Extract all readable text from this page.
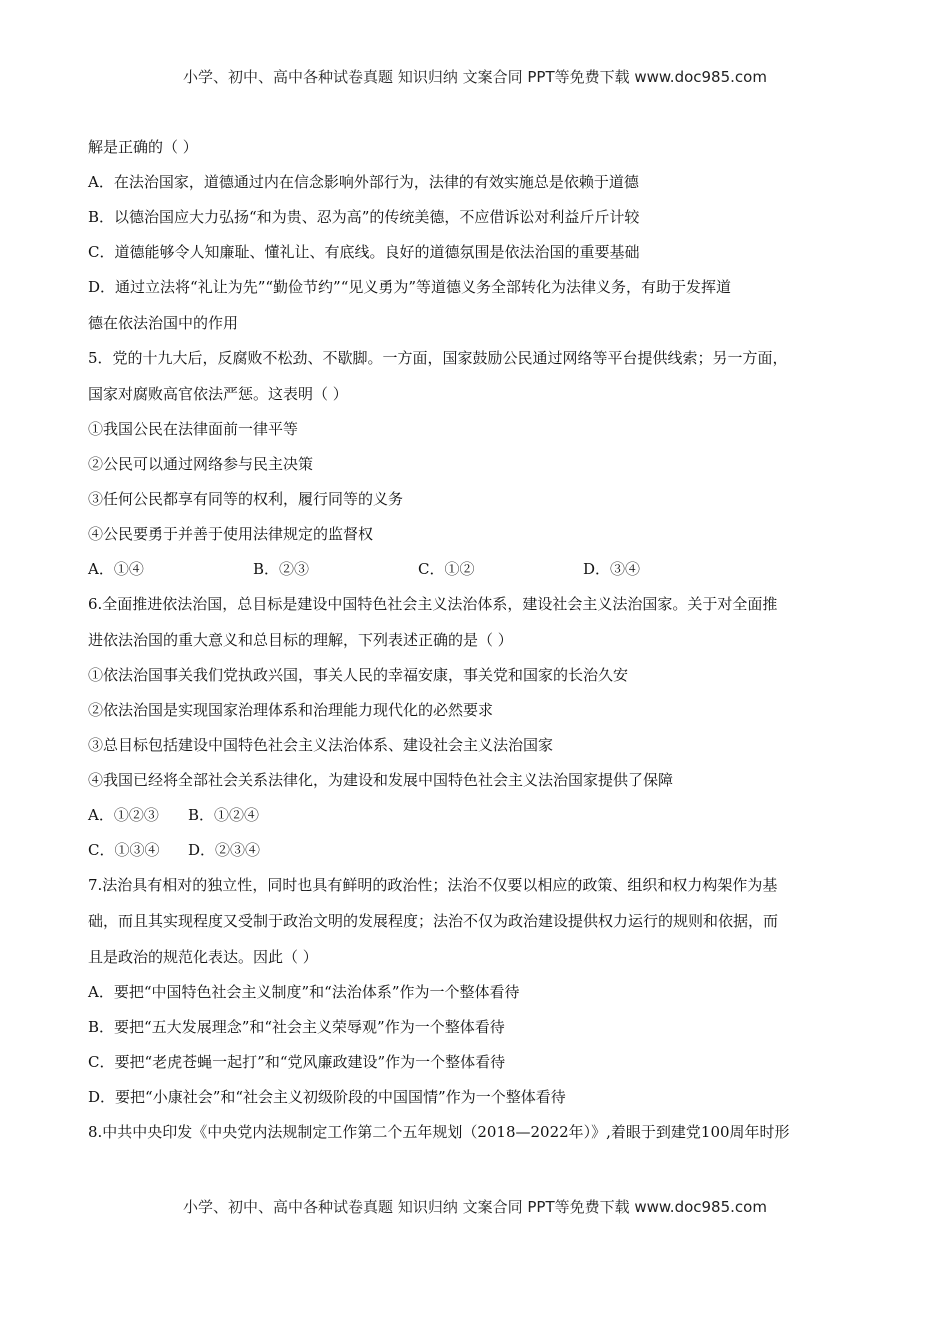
小学、初中、高中各种试卷真题 知识归纳 文案合同 PPT等免费下载 www.doc985.com
解是正确的（ ）
A．在法治国家，道德通过内在信念影响外部行为，法律的有效实施总是依赖于道德
B．以德治国应大力弘扬“和为贵、忍为高”的传统美德，不应借诉讼对利益斤斤计较
C．道德能够令人知廉耻、懂礼让、有底线。良好的道德氛围是依法治国的重要基础
D．通过立法将“礼让为先”“勤俭节约”“见义勇为”等道德义务全部转化为法律义务，有助于发挥道
德在依法治国中的作用
5．党的十九大后，反腐败不松劲、不歇脚。一方面，国家鼓励公民通过网络等平台提供线索；另一方面，
国家对腐败高官依法严惩。这表明（ ）
①我国公民在法律面前一律平等
②公民可以通过网络参与民主决策
③任何公民都享有同等的权利，履行同等的义务
④公民要勇于并善于使用法律规定的监督权
A．①④	B．②③	C．①②	D．③④
6.全面推进依法治国，总目标是建设中国特色社会主义法治体系，建设社会主义法治国家。关于对全面推
进依法治国的重大意义和总目标的理解，下列表述正确的是（ ）
①依法治国事关我们党执政兴国，事关人民的幸福安康，事关党和国家的长治久安
②依法治国是实现国家治理体系和治理能力现代化的必然要求
③总目标包括建设中国特色社会主义法治体系、建设社会主义法治国家
④我国已经将全部社会关系法律化，为建设和发展中国特色社会主义法治国家提供了保障
A．①②③	B．①②④
C．①③④	D．②③④
7.法治具有相对的独立性，同时也具有鲜明的政治性；法治不仅要以相应的政策、组织和权力构架作为基
础，而且其实现程度又受制于政治文明的发展程度；法治不仅为政治建设提供权力运行的规则和依据，而
且是政治的规范化表达。因此（ ）
A．要把“中国特色社会主义制度”和“法治体系”作为一个整体看待
B．要把“五大发展理念”和“社会主义荣辱观”作为一个整体看待
C．要把“老虎苍蝇一起打”和“党风廉政建设”作为一个整体看待
D．要把“小康社会”和“社会主义初级阶段的中国国情”作为一个整体看待
8.中共中央印发《中央党内法规制定工作第二个五年规划（2018—2022年）》,着眼于到建党100周年时形
小学、初中、高中各种试卷真题 知识归纳 文案合同 PPT等免费下载 www.doc985.com
